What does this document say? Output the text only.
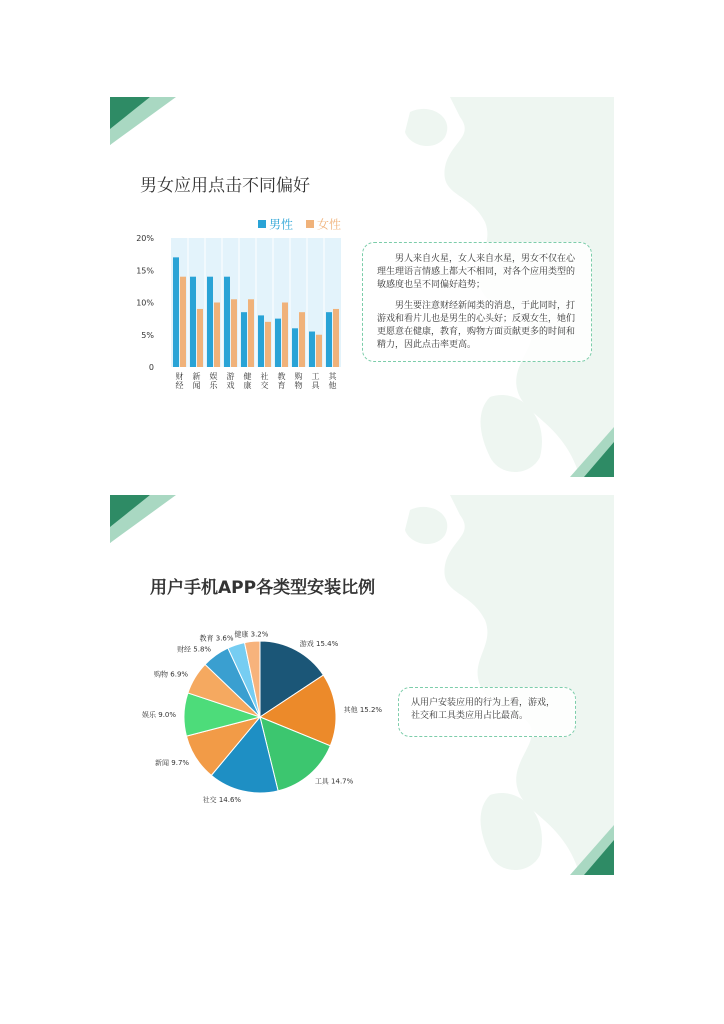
男女应用点击不同偏好
0
5%
10%
15%
20%
财经
新闻
娱乐
游戏
健康
社交
教育
购物
工具
其他
男性 女性

男人来自火星，女人来自水星，男女不仅在心理生理语言情感上都大不相同，对各个应用类型的敏感度也呈不同偏好趋势；

男生要注意财经新闻类的消息，于此同时，打游戏和看片儿也是男生的心头好；反观女生，她们更愿意在健康，教育，购物方面贡献更多的时间和精力，因此点击率更高。

用户手机APP各类型安装比例
游戏 15.4%
其他 15.2%
工具 14.7%
社交 14.6%
新闻 9.7%
娱乐 9.0%
购物 6.9%
财经 5.8%
教育 3.6% 健康 3.2%
从用户安装应用的行为上看，游戏，社交和工具类应用占比最高。
